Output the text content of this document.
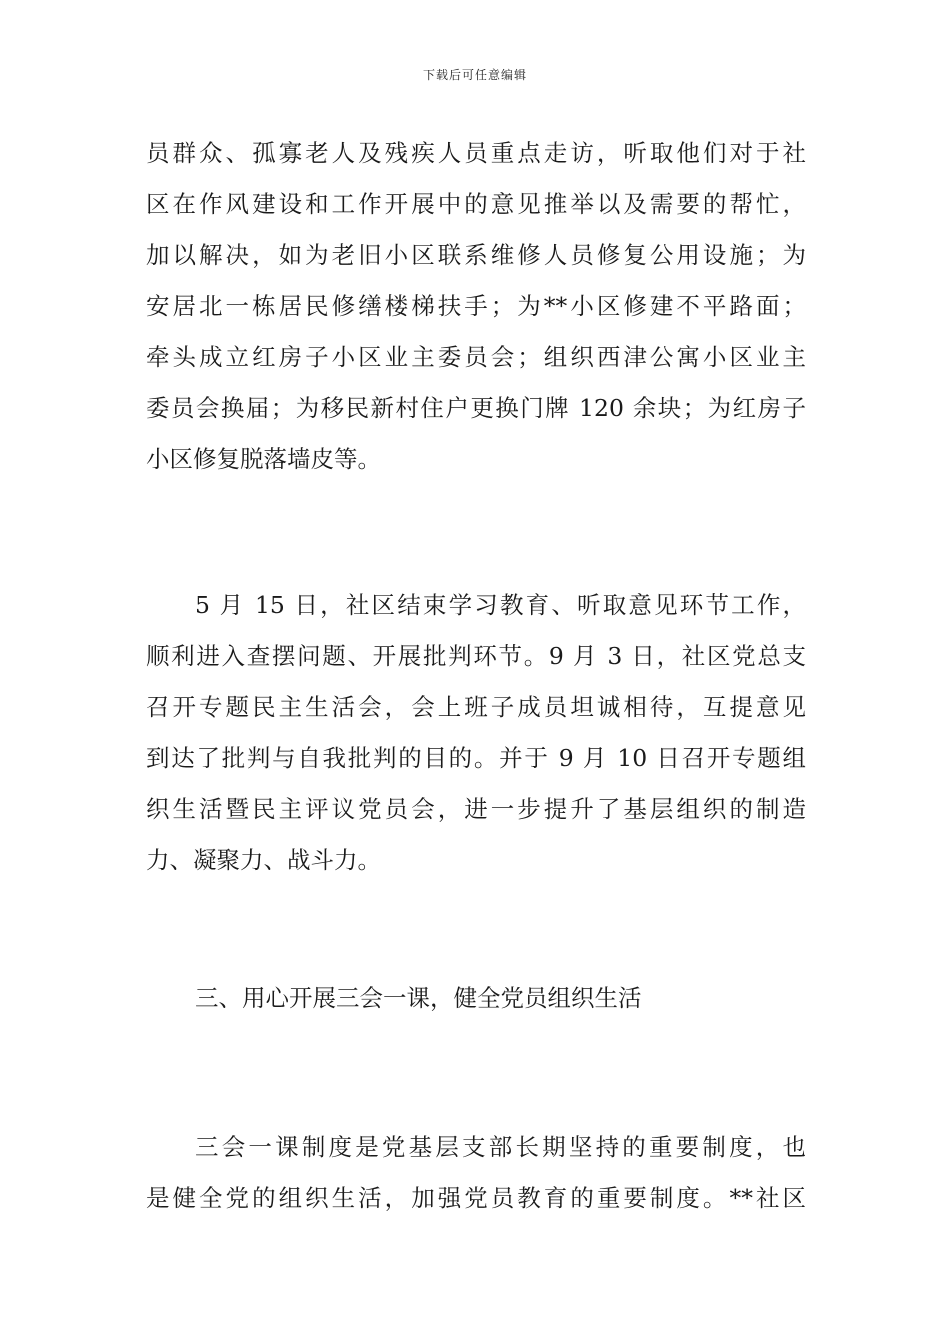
下载后可任意编辑
员群众、孤寡老人及残疾人员重点走访，听取他们对于社
区在作风建设和工作开展中的意见推举以及需要的帮忙，
加以解决，如为老旧小区联系维修人员修复公用设施；为
安居北一栋居民修缮楼梯扶手；为**小区修建不平路面；
牵头成立红房子小区业主委员会；组织西津公寓小区业主
委员会换届；为移民新村住户更换门牌 120 余块；为红房子
小区修复脱落墙皮等。
5 月 15 日，社区结束学习教育、听取意见环节工作，
顺利进入查摆问题、开展批判环节。9 月 3 日，社区党总支
召开专题民主生活会，会上班子成员坦诚相待，互提意见
到达了批判与自我批判的目的。并于 9 月 10 日召开专题组
织生活暨民主评议党员会，进一步提升了基层组织的制造
力、凝聚力、战斗力。
三、用心开展三会一课，健全党员组织生活
三会一课制度是党基层支部长期坚持的重要制度，也
是健全党的组织生活，加强党员教育的重要制度。**社区
